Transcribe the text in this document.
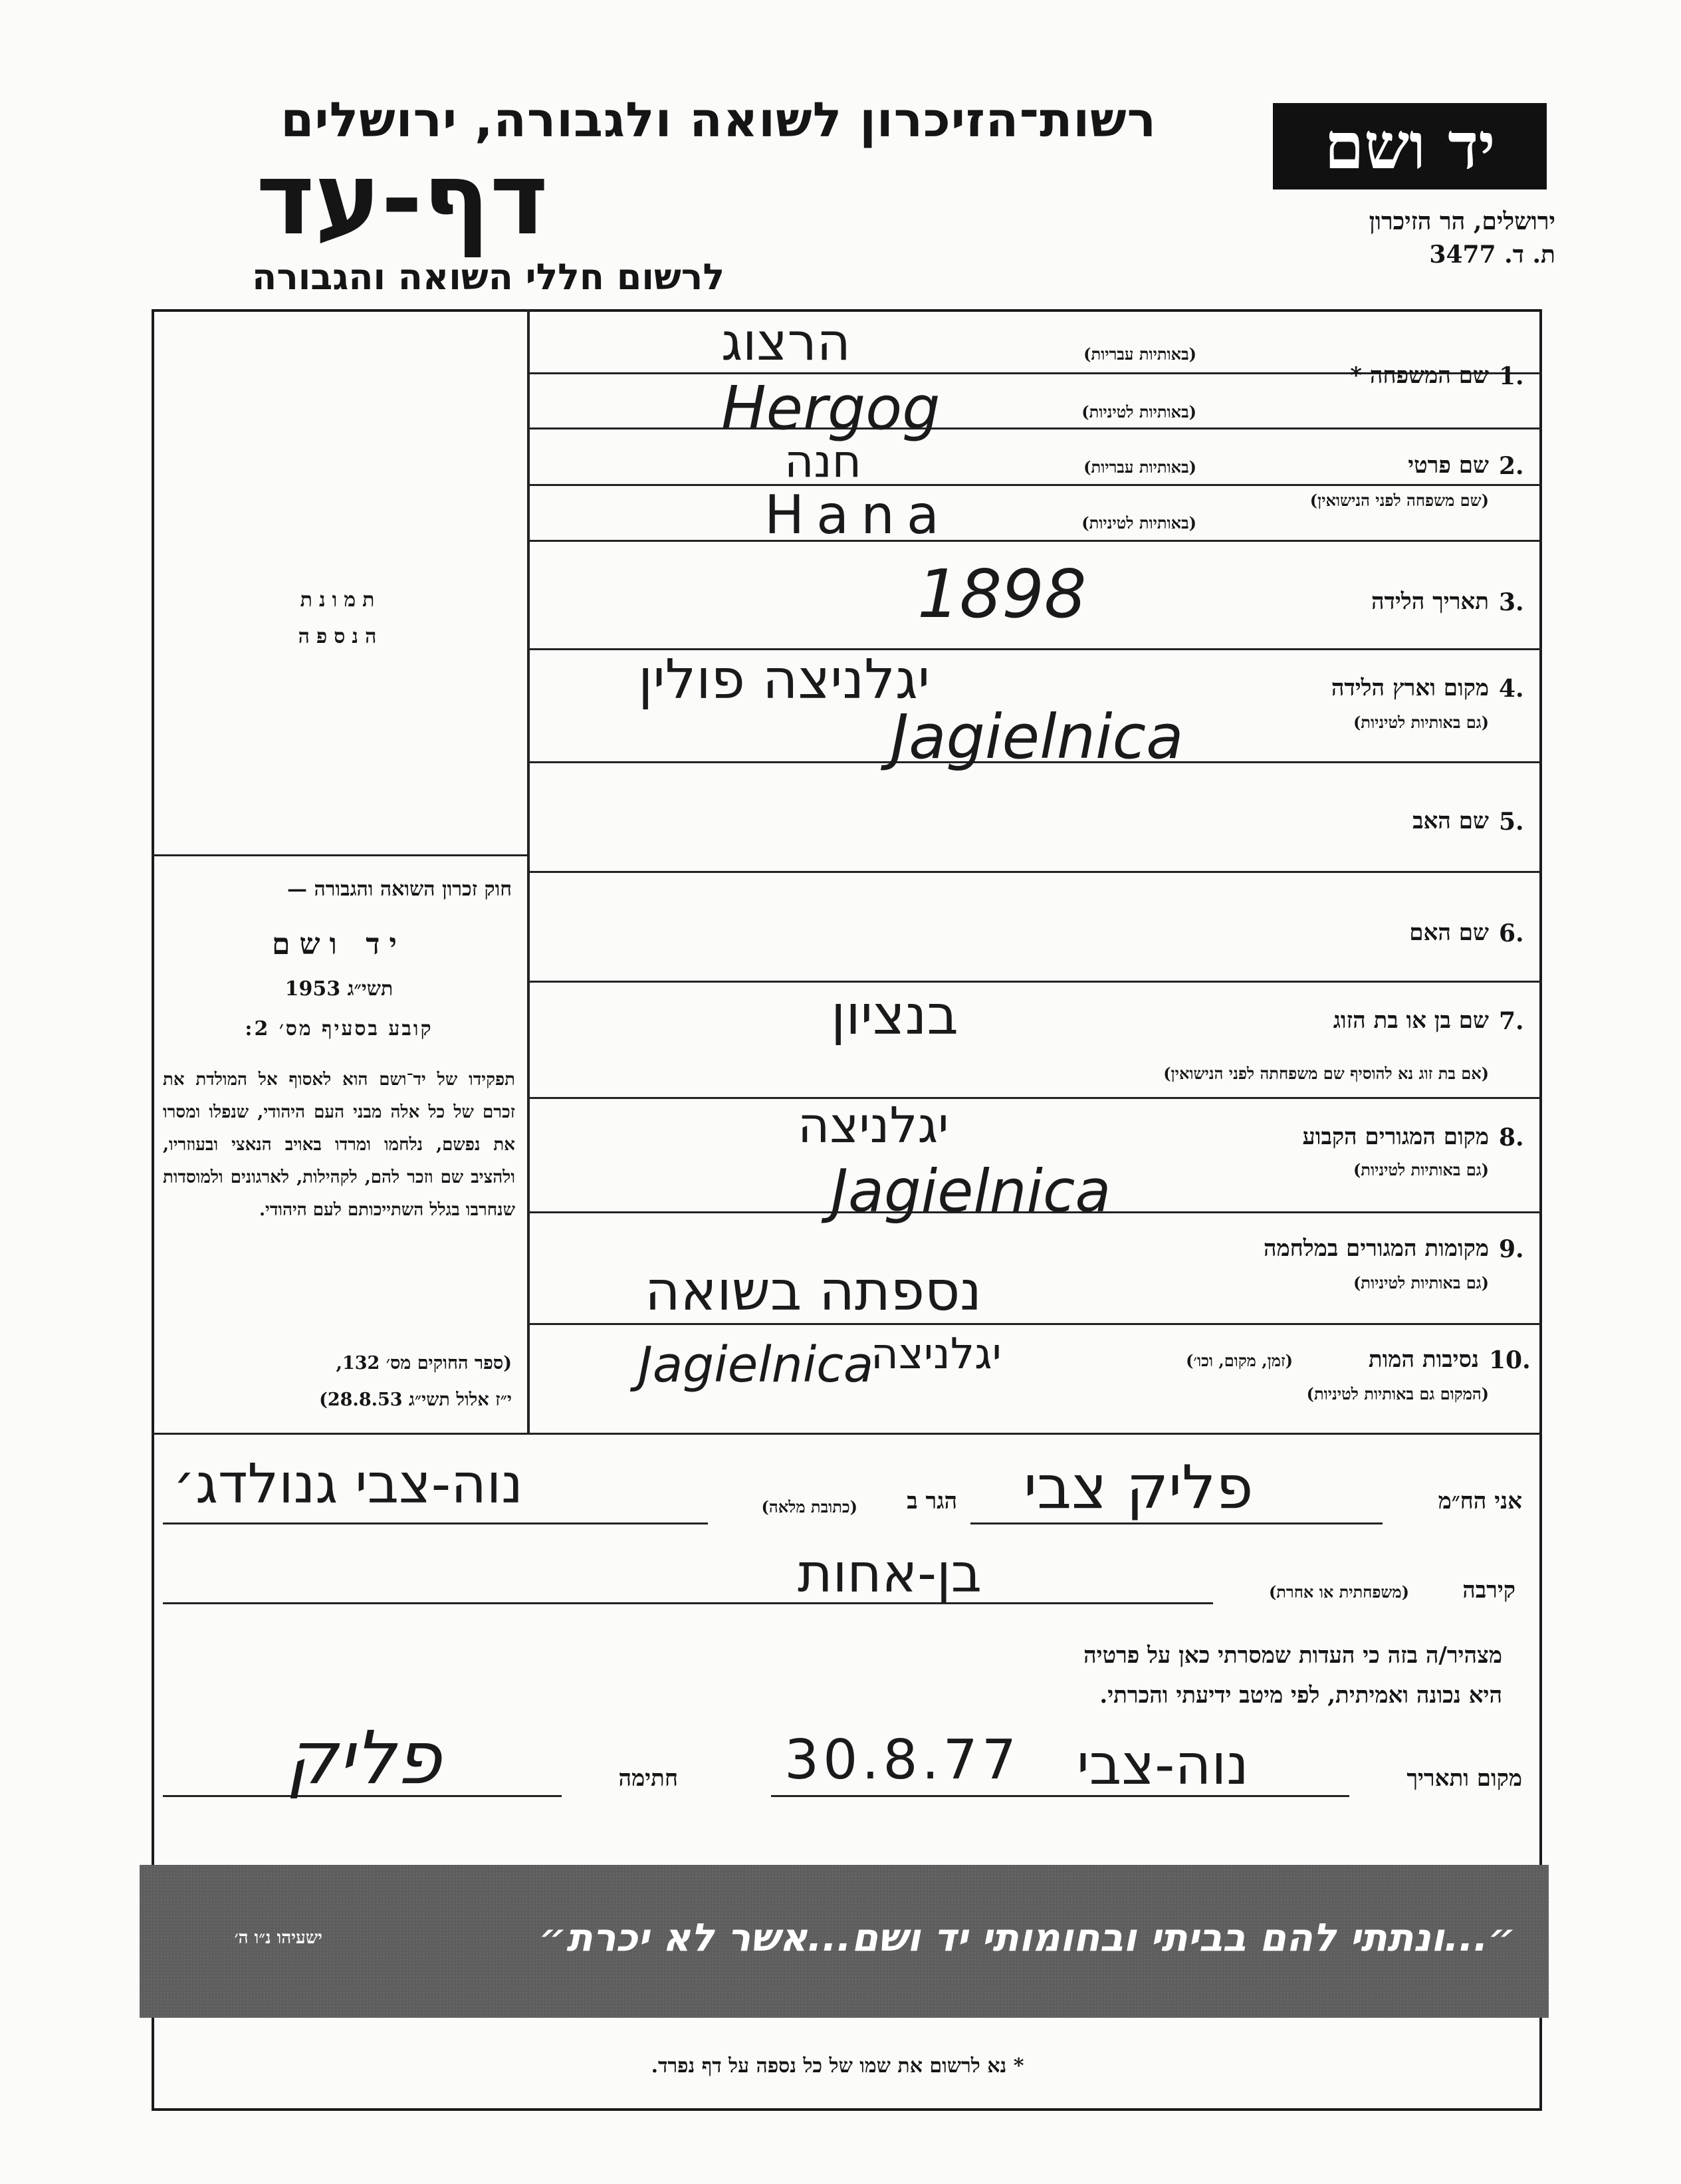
רשות־הזיכרון לשואה ולגבורה, ירושלים
דף-עד
לרשום חללי השואה והגבורה
יד ושם
ירושלים, הר הזיכרון
ת. ד. 3477
תמונת
הנספה
חוק זכרון השואה והגבורה —
יד ושם
תשי״ג 1953
קובע בסעיף מס׳ 2:
תפקידו של יד־ושם הוא לאסוף אל המולדת את זכרם של כל אלה מבני העם היהודי, שנפלו ומסרו את נפשם, נלחמו ומרדו באויב הנאצי ובעוזריו, ולהציב שם וזכר להם, לקהילות, לארגונים ולמוסדות שנחרבו בגלל השתייכותם לעם היהודי.
(ספר החוקים מס׳ 132,
י״ז אלול תשי״ג 28.8.53)
1.
שם המשפחה *
(באותיות עבריות)
(באותיות לטיניות)
2.
שם פרטי
(שם משפחה לפני הנישואין)
(באותיות עבריות)
(באותיות לטיניות)
3.
תאריך הלידה
4.
מקום וארץ הלידה
(גם באותיות לטיניות)
5.
שם האב
6.
שם האם
7.
שם בן או בת הזוג
(אם בת זוג נא להוסיף שם משפחתה לפני הנישואין)
8.
מקום המגורים הקבוע
(גם באותיות לטיניות)
9.
מקומות המגורים במלחמה
(גם באותיות לטיניות)
10.
נסיבות המות
(זמן, מקום, וכו׳)
(המקום גם באותיות לטיניות)
הרצוג
Hergog
חנה
Hana
1898
יגלניצה פולין
Jagielnica
בנציון
יגלניצה
Jagielnica
נספתה בשואה
יגלניצה
Jagielnica
אני הח״מ
פליק צבי
הגר ב
(כתובת מלאה)
נוה-צבי גנולדג׳
קירבה
(משפחתית או אחרת)
בן-אחות
מצהיר/ה בזה כי העדות שמסרתי כאן על פרטיה
היא נכונה ואמיתית, לפי מיטב ידיעתי והכרתי.
מקום ותאריך
30.8.77 נוה-צבי
חתימה
פליק
״...ונתתי להם בביתי ובחומותי יד ושם...אשר לא יכרת״
ישעיהו נ״ו ה׳
* נא לרשום את שמו של כל נספה על דף נפרד.
